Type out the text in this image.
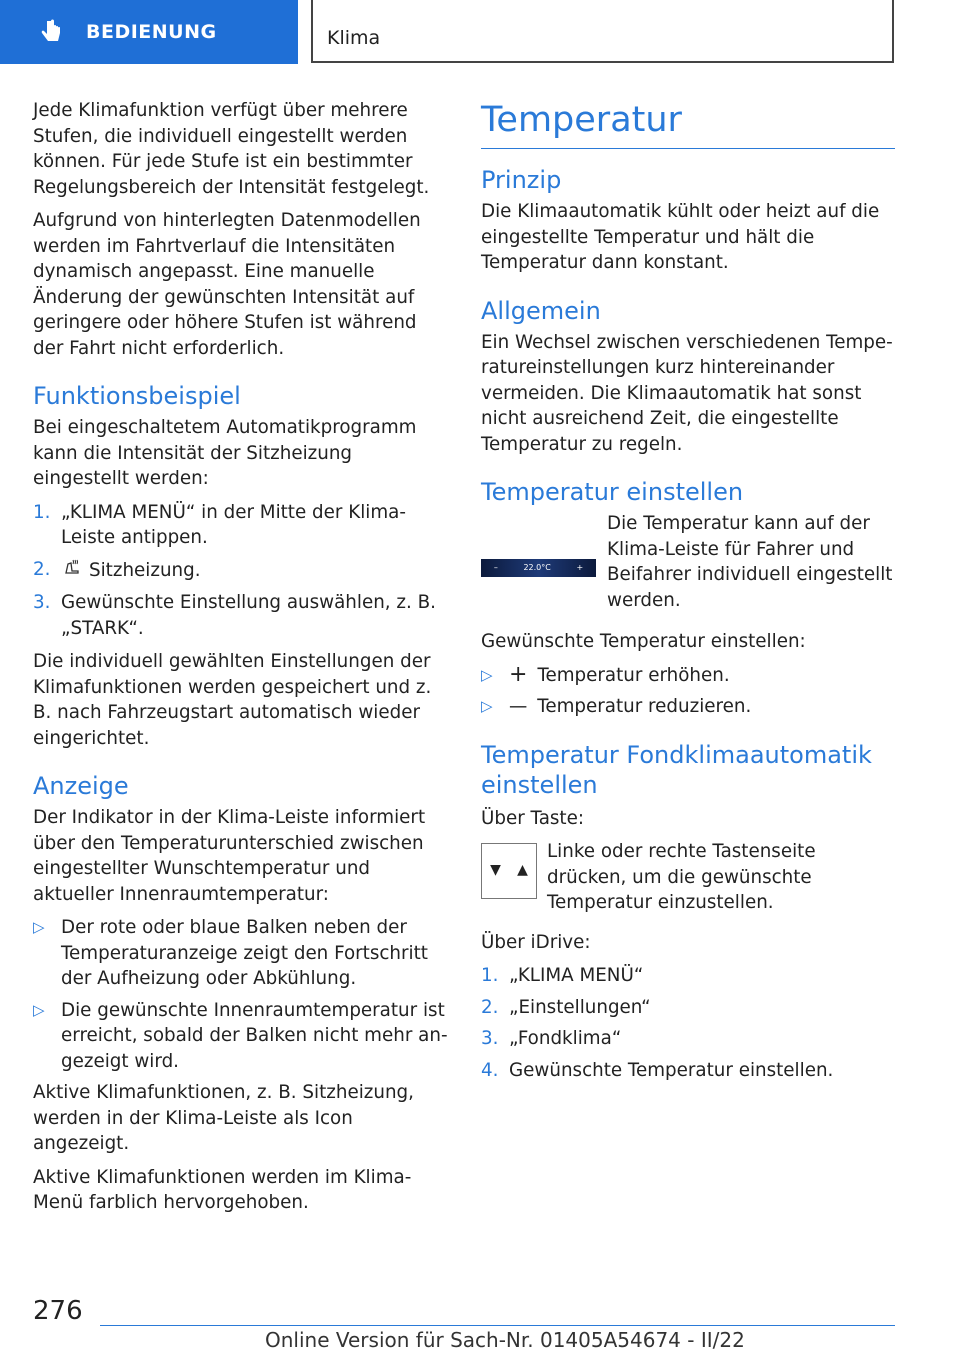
BEDIENUNG	Klima

Jede Klimafunktion verfügt über mehrere Stufen, die individuell eingestellt werden können. Für jede Stufe ist ein bestimmter Regelungsbereich der Intensität festgelegt.

Aufgrund von hinterlegten Datenmodellen werden im Fahrtverlauf die Intensitäten dynamisch angepasst. Eine manuelle Änderung der gewünschten Intensität auf geringere oder höhere Stufen ist während der Fahrt nicht erforderlich.

Funktionsbeispiel

Bei eingeschaltetem Automatikprogramm kann die Intensität der Sitzheizung eingestellt werden:

1. „KLIMA MENÜ“ in der Mitte der Klima-Leiste antippen.
2.	Sitzheizung.
3. Gewünschte Einstellung auswählen, z. B. „STARK“.

Die individuell gewählten Einstellungen der Klimafunktionen werden gespeichert und z. B. nach Fahrzeugstart automatisch wieder eingerichtet.

Anzeige

Der Indikator in der Klima-Leiste informiert über den Temperaturunterschied zwischen eingestellter Wunschtemperatur und aktueller Innenraumtemperatur:

▷ Der rote oder blaue Balken neben der Temperaturanzeige zeigt den Fortschritt der Aufheizung oder Abkühlung.
▷ Die gewünschte Innenraumtemperatur ist erreicht, sobald der Balken nicht mehr angezeigt wird.

Aktive Klimafunktionen, z. B. Sitzheizung, werden in der Klima-Leiste als Icon angezeigt.

Aktive Klimafunktionen werden im Klima-Menü farblich hervorgehoben.

Temperatur
Prinzip

Die Klimaautomatik kühlt oder heizt auf die eingestellte Temperatur und hält die Temperatur dann konstant.

Allgemein

Ein Wechsel zwischen verschiedenen Temperatureinstellungen kurz hintereinander vermeiden. Die Klimaautomatik hat sonst nicht ausreichend Zeit, die eingestellte Temperatur zu regeln.

Temperatur einstellen
–	22.0°C	+

Die Temperatur kann auf der Klima-Leiste für Fahrer und Beifahrer individuell eingestellt werden.

Gewünschte Temperatur einstellen:

▷ + Temperatur erhöhen.
▷ — Temperatur reduzieren.
Temperatur Fondklimaautomatik einstellen

Über Taste:

▼ ▲

Linke oder rechte Tastenseite drücken, um die gewünschte Temperatur einzustellen.

Über iDrive:

1. „KLIMA MENÜ“
2. „Einstellungen“
3. „Fondklima“
4. Gewünschte Temperatur einstellen.
276
Online Version für Sach-Nr. 01405A54674 - II/22
